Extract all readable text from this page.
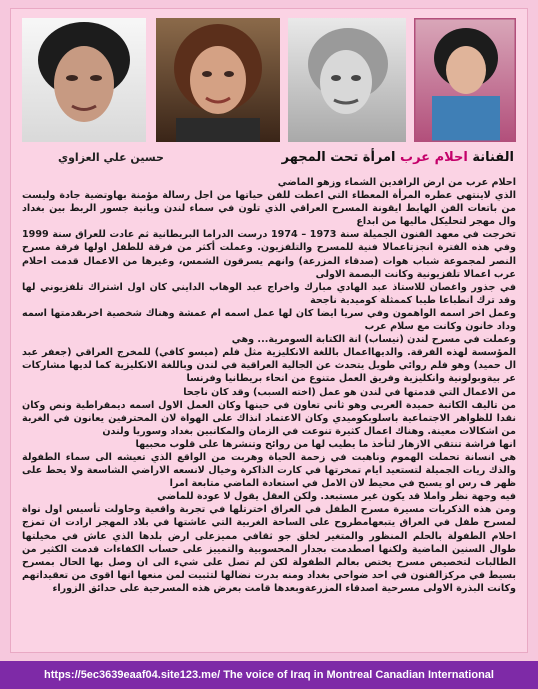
حسين علي العزاوي	الفنانة احلام عرب امرأة تحت المجهر

احلام عرب من ارض الرافدين الشماء وزهو الماضي

الذي لاينتهي عطره المرأة المعطاء التي اعطت للفن حياتها من اجل رسالة مؤمنة بهاوتضية جادة وليست من باتعات الفن الهابط ايقونة المسرح العراقي الذي تلون في سماء لندن ويانية جسور الربط بين بغداد وال مهجر لتحليكل ماليها من ابداع

تخرجت في معهد الفنون الجميلة سنة 1973 – 1974 درست الدراما البريطانية ثم عادت للعراق سنة 1999 وفي هذه الفترة انجزتاعمالا فنية للمسرح والتلفزيون. وعملت أكثر من فرقة للطفل اولها فرقة مسرح النصر لمجموعة شباب هوات (صدقاء المزرعة) وانهم يسرقون الشمس، وغيرها من الاعمال قدمت احلام عرب اعمالا تلفزيونية وكانت البصمة الاولى

في جذور واغصان للاستاذ عبد الهادي مبارك واخراج عبد الوهاب الدايني كان اول اشتراك تلفزيوني لها وقد ترك انطباعا طيبا كممثلة كوميدية ناجحة

وعمل اخر اسمه الواهمون وفي سريا ايضا كان لها عمل اسمه ام عمشة وهناك شخصية اخرىقدمتها اسمه وداد خانون وكانت مع سلام عرب

وعملت في مسرح لندن (نيساب) انة الكتابة السومرية... وهي

المؤسسة لهذه الفرقة. والديهااعمال باللغة الانكليزية مثل فلم (ميسو كافي) للمخرج العراقي (جعفر عبد ال حميد) وهو فلم روائي طويل يتحدث عن الجالية العراقية في لندن وباللغة الانكليزية كما لديها مشاركات عر بيةوبولونية وانكليزية وفريق العمل متنوع من انحاء بريطانيا وفرنسا

من الاعمال التي قدمتها في لندن هو عمل (اخته السبب) وقد كان ناجحا

من تاليف الكاتبة حميدة العربي وهو ثاني تعاون في حينها وكان العمل الاول اسمه ديمقراطية ونص وكان نقدا للظواهر الاجتماعية باسلوبكوميدي وكان الاعتماد انذاك على الهواة لان المحترفين يعانون في الغربة من اشكالات معينة. وهناك اعمال كثيرة تنوعت في الزمان والمكانبين بغداد وسوريا ولندن

انها فراشة تنتقي الازهار لتأخذ ما يطيب لها من روائح وتنشرها على قلوب محبيها

هي انسانة تحملت الهموم وناهبت في زحمة الحياة وهربت من الواقع الذي تعيشه الى سماء الطفولة والذك ريات الجميلة لتستعيد ايام تمخرتها في كارت الذاكرة وخيال لانسعه الاراضي الشاسعة ولا يحط على ظهر ف رس او يسبح في محيط لان الامل في استعادة الماضي متابعة امرا

فيه وجهة نظر واملا قد يكون غير مستبعد. ولكن العقل يقول لا عودة للماضي

ومن هذه الذكريات مسيرة مسرح الطفل في العراق اخترتلها في تجربة واقعية وحاولت تأسيس اول نواة لمسرح طفل في العراق يتبعهامطروح على الساحة الغربية التي عاشتها في بلاد المهجر ارادت ان تمزج احلام الطفولة بالحلم المنظور والمتغير لخلق جو ثقافي مميزعلى ارض بلدها الذي عاش في مخيلتها طوال السنين الماضية ولكنها اصطدمت بجدار المحسوبية والتمييز على حساب الكفاءات قدمت الكثير من الطالبات لتخصيص مسرح يختص بعالم الطفولة لكن لم تصل على شيء الى ان وصل بها الحال بمسرح بسيط في مركزالفنون في احد ضواحي بغداد ومنه بدرت نضالها لتثبيت لمن منعها انها اقوى من تعقيداتهم وكانت البذرة الاولى مسرحية اصدقاء المزرعةوبعدها قامت بعرض هذه المسرحية على حدائق الزوراء

https://5ec3639eaaf04.site123.me/ The voice of Iraq in Montreal Canadian International
